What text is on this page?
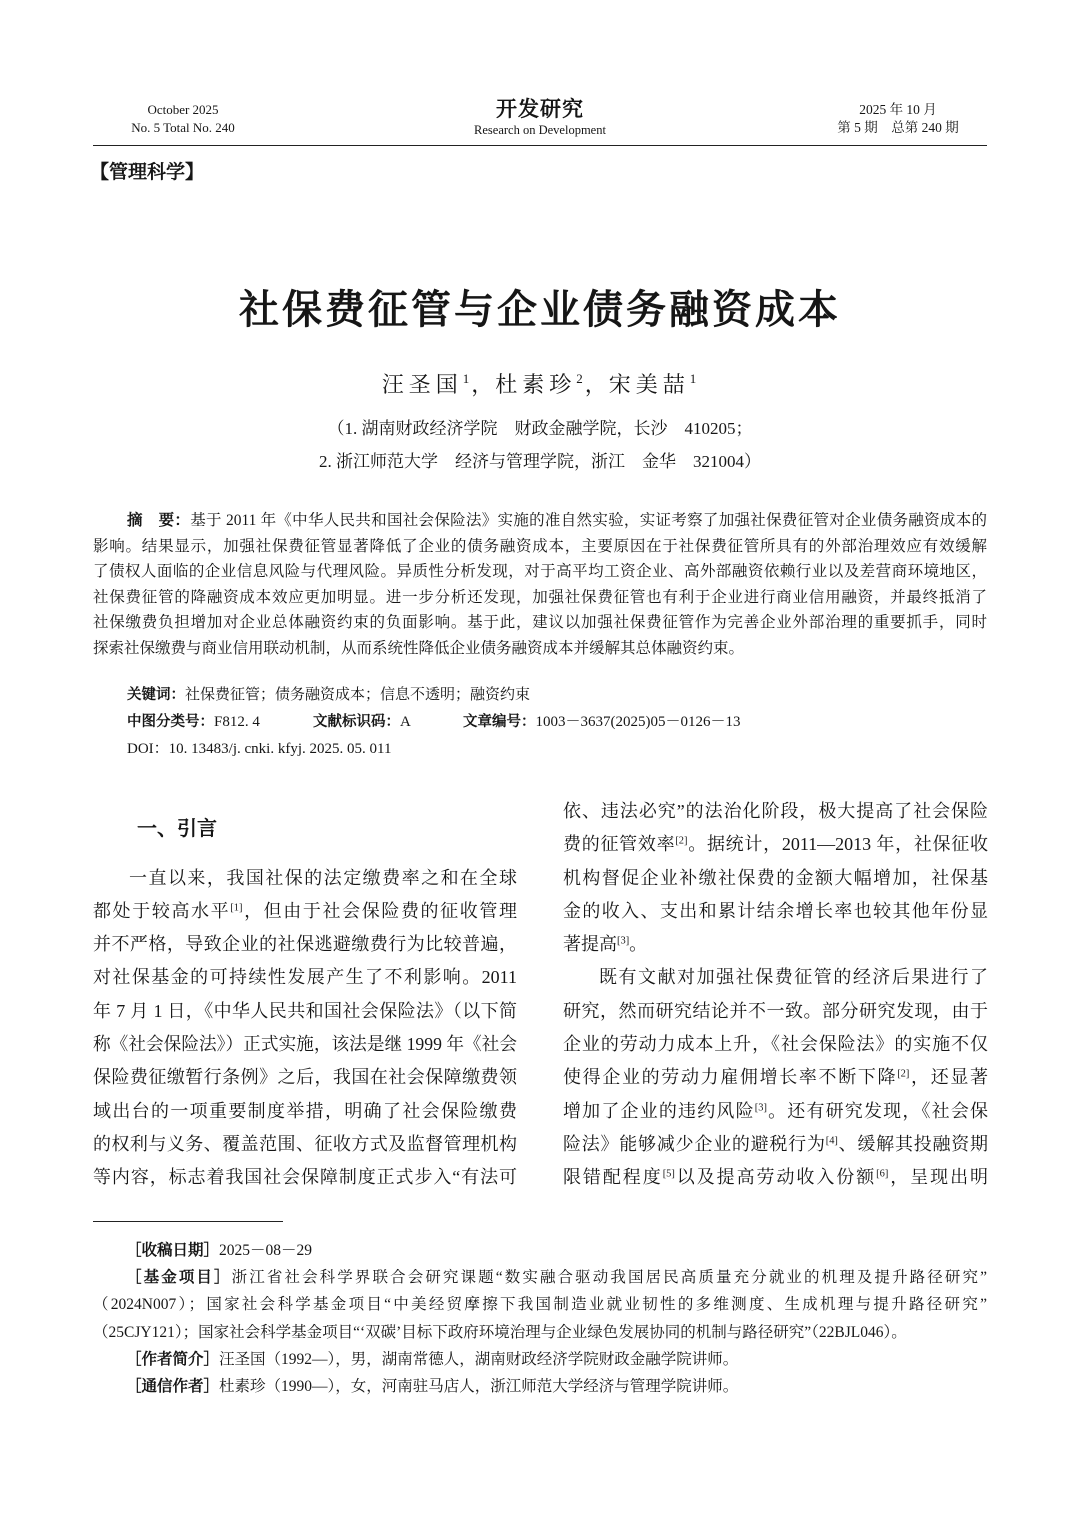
October 2025
No. 5 Total No. 240
开发研究
Research on Development
2025 年 10 月
第 5 期　总第 240 期
【管理科学】
社保费征管与企业债务融资成本
汪圣国$^1$，杜素珍$^2$，宋美喆$^1$
（1. 湖南财政经济学院　财政金融学院，长沙　410205；
2. 浙江师范大学　经济与管理学院，浙江　金华　321004）
摘　要：基于 2011 年《中华人民共和国社会保险法》实施的准自然实验，实证考察了加强社保费征管对企业债务融资成本的
影响。结果显示，加强社保费征管显著降低了企业的债务融资成本，主要原因在于社保费征管所具有的外部治理效应有效缓解
了债权人面临的企业信息风险与代理风险。异质性分析发现，对于高平均工资企业、高外部融资依赖行业以及差营商环境地区，
社保费征管的降融资成本效应更加明显。进一步分析还发现，加强社保费征管也有利于企业进行商业信用融资，并最终抵消了
社保缴费负担增加对企业总体融资约束的负面影响。基于此，建议以加强社保费征管作为完善企业外部治理的重要抓手，同时
探索社保缴费与商业信用联动机制，从而系统性降低企业债务融资成本并缓解其总体融资约束。
关键词：社保费征管；债务融资成本；信息不透明；融资约束
中图分类号：F812. 4	文献标识码：A	文章编号：1003－3637(2025)05－0126－13
DOI：10. 13483/j. cnki. kfyj. 2025. 05. 011
一、引言
一直以来，我国社保的法定缴费率之和在全球
都处于较高水平[1]，但由于社会保险费的征收管理
并不严格，导致企业的社保逃避缴费行为比较普遍，
对社保基金的可持续性发展产生了不利影响。2011
年 7 月 1 日，《中华人民共和国社会保险法》（以下简
称《社会保险法》）正式实施，该法是继 1999 年《社会
保险费征缴暂行条例》之后，我国在社会保障缴费领
域出台的一项重要制度举措，明确了社会保险缴费
的权利与义务、覆盖范围、征收方式及监督管理机构
等内容，标志着我国社会保障制度正式步入“有法可
依、违法必究”的法治化阶段，极大提高了社会保险
费的征管效率[2]。据统计，2011—2013 年，社保征收
机构督促企业补缴社保费的金额大幅增加，社保基
金的收入、支出和累计结余增长率也较其他年份显
著提高[3]。
既有文献对加强社保费征管的经济后果进行了
研究，然而研究结论并不一致。部分研究发现，由于
企业的劳动力成本上升，《社会保险法》的实施不仅
使得企业的劳动力雇佣增长率不断下降[2]，还显著
增加了企业的违约风险[3]。还有研究发现，《社会保
险法》能够减少企业的避税行为[4]、缓解其投融资期
限错配程度[5]以及提高劳动收入份额[6]，呈现出明
［收稿日期］2025－08－29
［基金项目］浙江省社会科学界联合会研究课题“数实融合驱动我国居民高质量充分就业的机理及提升路径研究”
（2024N007）；国家社会科学基金项目“中美经贸摩擦下我国制造业就业韧性的多维测度、生成机理与提升路径研究”
（25CJY121）；国家社会科学基金项目“‘双碳’目标下政府环境治理与企业绿色发展协同的机制与路径研究”（22BJL046）。
［作者简介］汪圣国（1992—），男，湖南常德人，湖南财政经济学院财政金融学院讲师。
［通信作者］杜素珍（1990—），女，河南驻马店人，浙江师范大学经济与管理学院讲师。
